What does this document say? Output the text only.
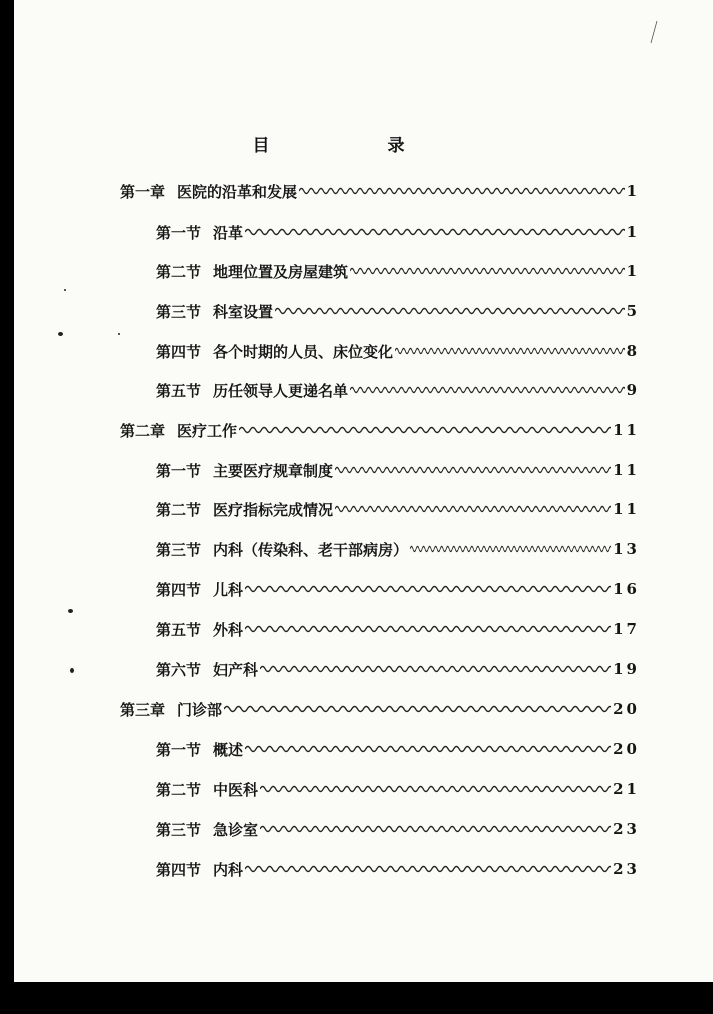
目 录
第一章 医院的沿革和发展	1
第一节 沿革	1
第二节 地理位置及房屋建筑	1
第三节 科室设置	5
第四节 各个时期的人员、床位变化	8
第五节 历任领导人更递名单	9
第二章 医疗工作	11
第一节 主要医疗规章制度	11
第二节 医疗指标完成情况	11
第三节 内科（传染科、老干部病房）	13
第四节 儿科	16
第五节 外科	17
第六节 妇产科	19
第三章 门诊部	20
第一节 概述	20
第二节 中医科	21
第三节 急诊室	23
第四节 内科	23
